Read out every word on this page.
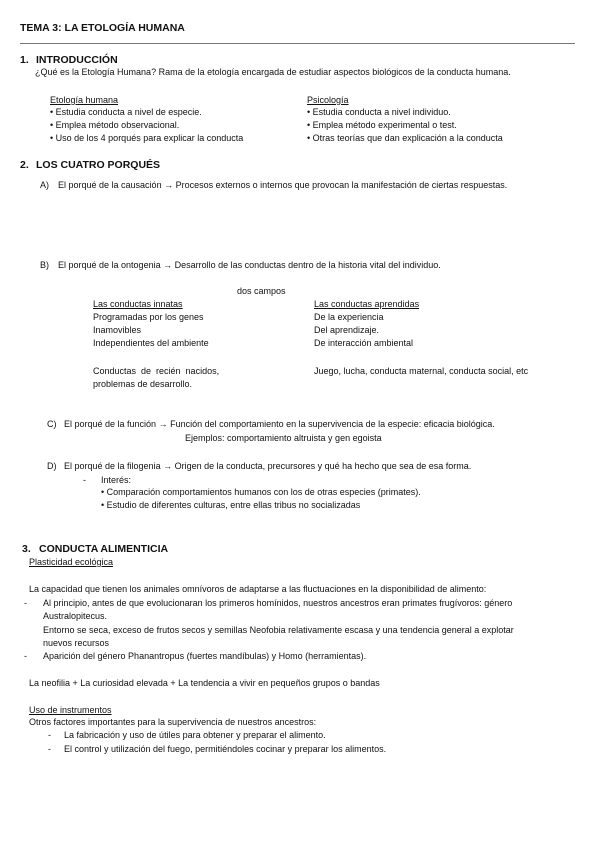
TEMA 3: LA ETOLOGÍA HUMANA
1. INTRODUCCIÓN
¿Qué es la Etología Humana? Rama de la etología encargada de estudiar aspectos biológicos de la conducta humana.
Etología humana
• Estudia conducta a nivel de especie.
• Emplea método observacional.
• Uso de los 4 porqués para explicar la conducta
Psicología
• Estudia conducta a nivel individuo.
• Emplea método experimental o test.
• Otras teorías que dan explicación a la conducta
2. LOS CUATRO PORQUÉS
A) El porqué de la causación → Procesos externos o internos que provocan la manifestación de ciertas respuestas.
B) El porqué de la ontogenia → Desarrollo de las conductas dentro de la historia vital del individuo.
dos campos
Las conductas innatas
Programadas por los genes
Inamovibles
Independientes del ambiente
Conductas  de  recién  nacidos,
problemas de desarrollo.
Las conductas aprendidas
De la experiencia
Del aprendizaje.
De interacción ambiental
Juego, lucha, conducta maternal, conducta social, etc
C) El porqué de la función → Función del comportamiento en la supervivencia de la especie: eficacia biológica.
Ejemplos: comportamiento altruista y gen egoista
D) El porqué de la filogenia → Origen de la conducta, precursores y qué ha hecho que sea de esa forma.
- Interés:
• Comparación comportamientos humanos con los de otras especies (primates).
• Estudio de diferentes culturas, entre ellas tribus no socializadas
3. CONDUCTA ALIMENTICIA
Plasticidad ecológica
La capacidad que tienen los animales omnívoros de adaptarse a las fluctuaciones en la disponibilidad de alimento:
- Al principio, antes de que evolucionaran los primeros homínidos, nuestros ancestros eran primates frugívoros: género
Australopitecus.
Entorno se seca, exceso de frutos secos y semillas Neofobia relativamente escasa y una tendencia general a explotar
nuevos recursos
- Aparición del género Phanantropus (fuertes mandíbulas) y Homo (herramientas).
La neofilia + La curiosidad elevada + La tendencia a vivir en pequeños grupos o bandas
Uso de instrumentos
Otros factores importantes para la supervivencia de nuestros ancestros:
- La fabricación y uso de útiles para obtener y preparar el alimento.
- El control y utilización del fuego, permitiéndoles cocinar y preparar los alimentos.
